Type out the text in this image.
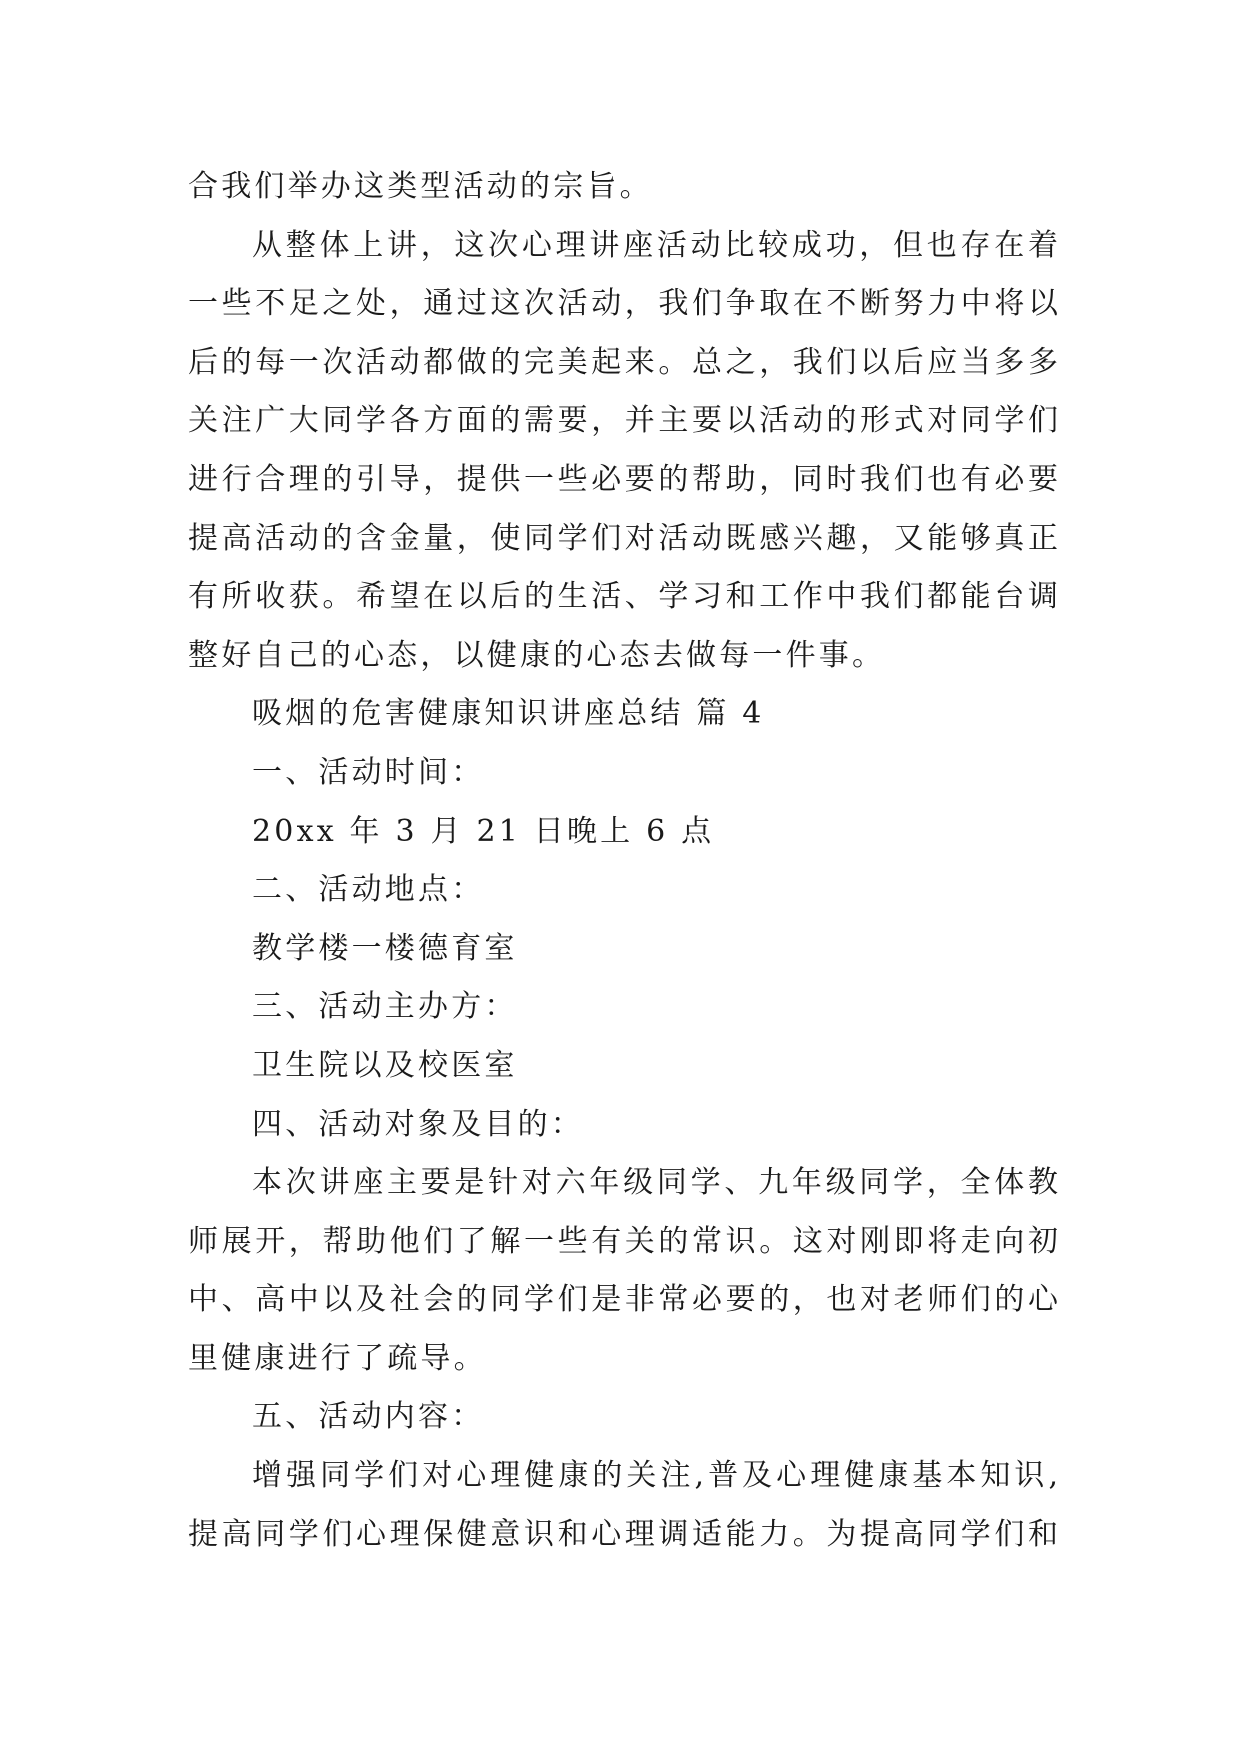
合我们举办这类型活动的宗旨。
从整体上讲，这次心理讲座活动比较成功，但也存在着
一些不足之处，通过这次活动，我们争取在不断努力中将以
后的每一次活动都做的完美起来。总之，我们以后应当多多
关注广大同学各方面的需要，并主要以活动的形式对同学们
进行合理的引导，提供一些必要的帮助，同时我们也有必要
提高活动的含金量，使同学们对活动既感兴趣，又能够真正
有所收获。希望在以后的生活、学习和工作中我们都能台调
整好自己的心态，以健康的心态去做每一件事。
吸烟的危害健康知识讲座总结 篇 4
一、活动时间：
20xx 年 3 月 21 日晚上 6 点
二、活动地点：
教学楼一楼德育室
三、活动主办方：
卫生院以及校医室
四、活动对象及目的：
本次讲座主要是针对六年级同学、九年级同学，全体教
师展开，帮助他们了解一些有关的常识。这对刚即将走向初
中、高中以及社会的同学们是非常必要的，也对老师们的心
里健康进行了疏导。
五、活动内容：
增强同学们对心理健康的关注,普及心理健康基本知识,
提高同学们心理保健意识和心理调适能力。为提高同学们和
